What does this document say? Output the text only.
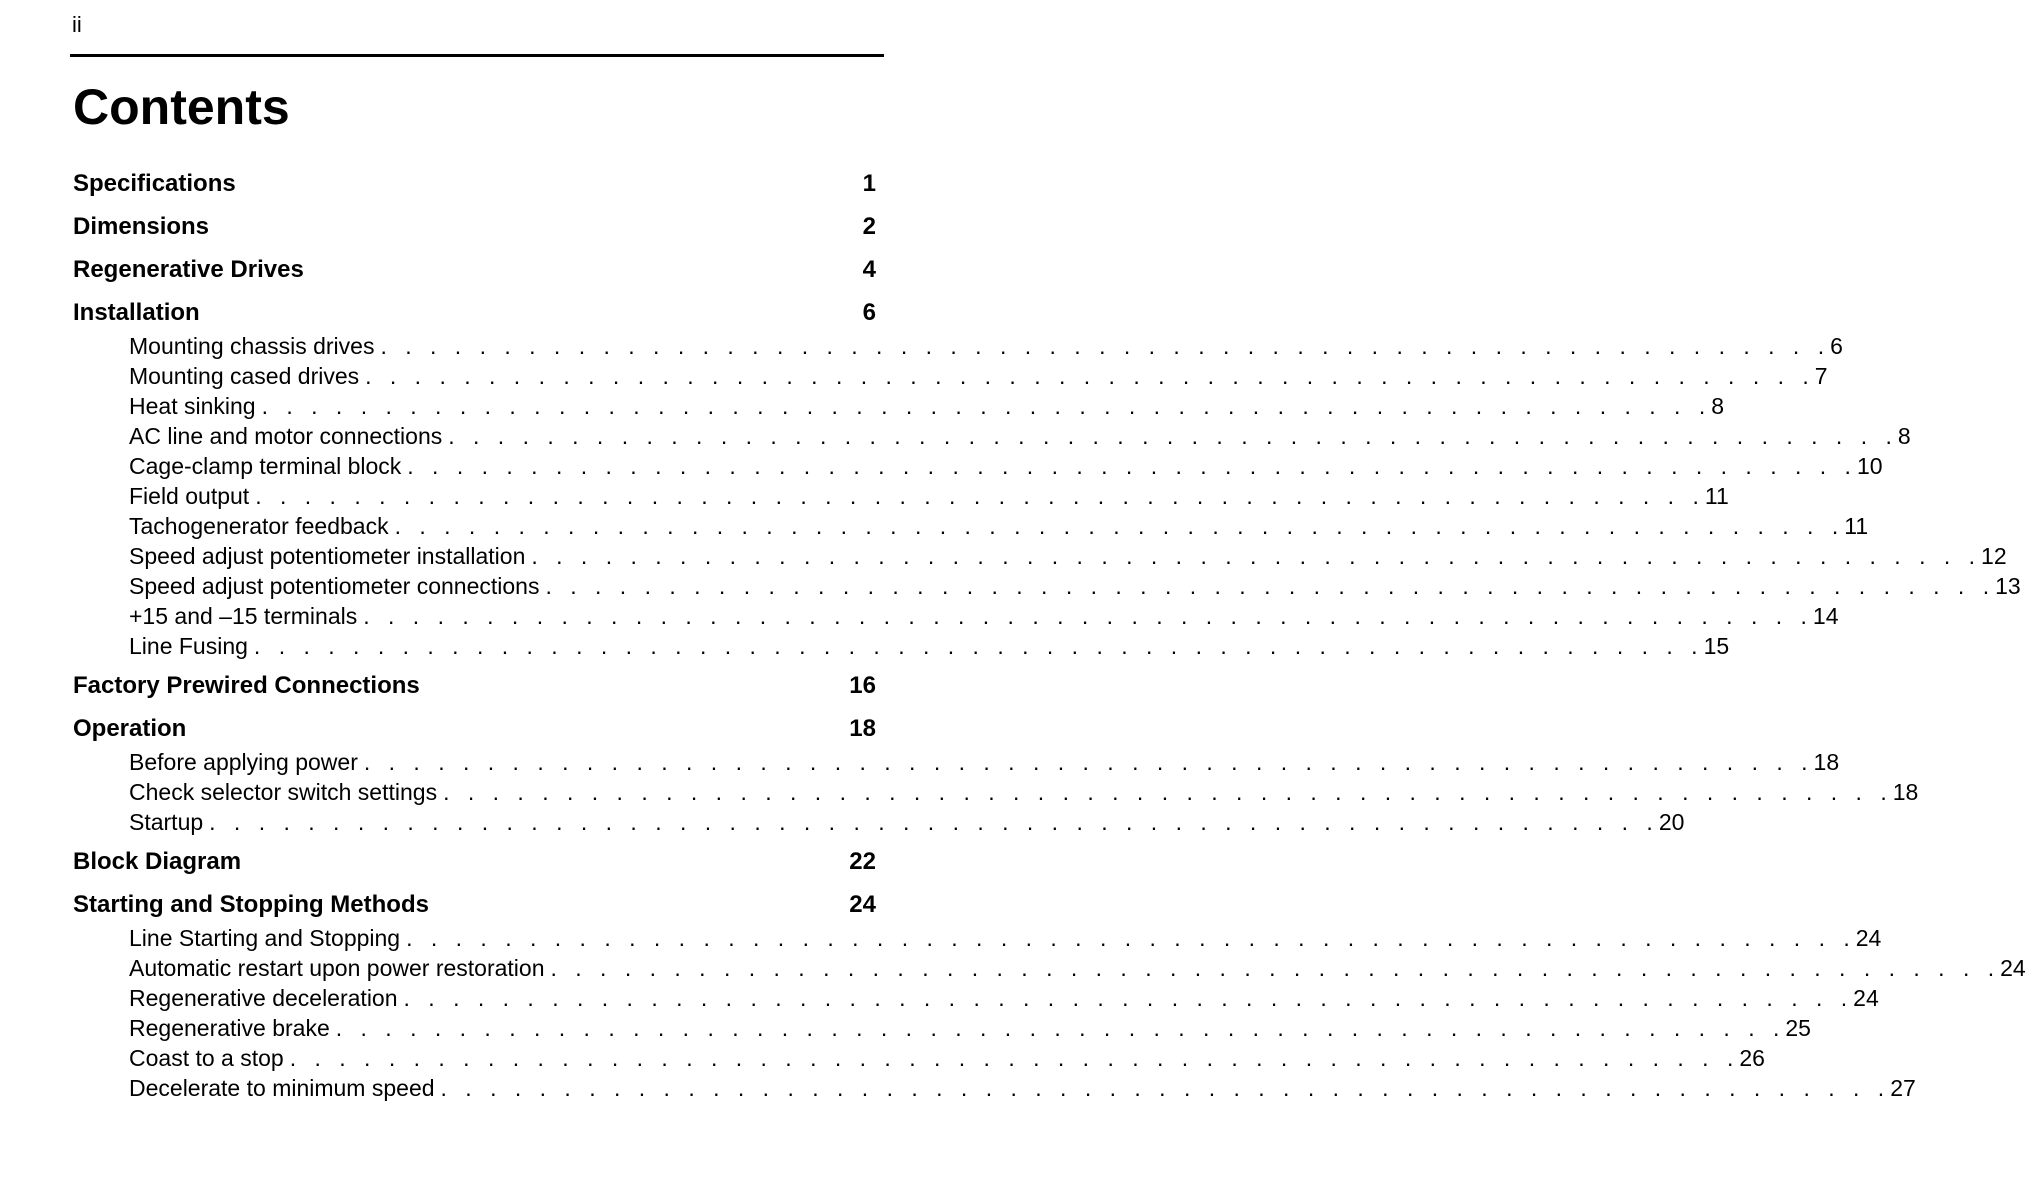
ii
Contents
Specifications	1
Dimensions	2
Regenerative Drives	4
Installation	6
Mounting chassis drives . . . . . . . . . . . . . . . . . . . . . . . . . . . . . . . . . . . . . . . . . . . . . . . . . . . . . . . . . . . 6
Mounting cased drives . . . . . . . . . . . . . . . . . . . . . . . . . . . . . . . . . . . . . . . . . . . . . . . . . . . . . . . . . . . 7
Heat sinking . . . . . . . . . . . . . . . . . . . . . . . . . . . . . . . . . . . . . . . . . . . . . . . . . . . . . . . . . . . 8
AC line and motor connections . . . . . . . . . . . . . . . . . . . . . . . . . . . . . . . . . . . . . . . . . . . . . . . . . . . . . . . . . . . 8
Cage-clamp terminal block . . . . . . . . . . . . . . . . . . . . . . . . . . . . . . . . . . . . . . . . . . . . . . . . . . . . . . . . . . . 10
Field output . . . . . . . . . . . . . . . . . . . . . . . . . . . . . . . . . . . . . . . . . . . . . . . . . . . . . . . . . . . 11
Tachogenerator feedback . . . . . . . . . . . . . . . . . . . . . . . . . . . . . . . . . . . . . . . . . . . . . . . . . . . . . . . . . . . 11
Speed adjust potentiometer installation . . . . . . . . . . . . . . . . . . . . . . . . . . . . . . . . . . . . . . . . . . . . . . . . . . . . . . . . . . . 12
Speed adjust potentiometer connections . . . . . . . . . . . . . . . . . . . . . . . . . . . . . . . . . . . . . . . . . . . . . . . . . . . . . . . . . . . 13
+15 and –15 terminals . . . . . . . . . . . . . . . . . . . . . . . . . . . . . . . . . . . . . . . . . . . . . . . . . . . . . . . . . . . 14
Line Fusing . . . . . . . . . . . . . . . . . . . . . . . . . . . . . . . . . . . . . . . . . . . . . . . . . . . . . . . . . . . 15
Factory Prewired Connections	16
Operation	18
Before applying power . . . . . . . . . . . . . . . . . . . . . . . . . . . . . . . . . . . . . . . . . . . . . . . . . . . . . . . . . . . 18
Check selector switch settings . . . . . . . . . . . . . . . . . . . . . . . . . . . . . . . . . . . . . . . . . . . . . . . . . . . . . . . . . . . 18
Startup . . . . . . . . . . . . . . . . . . . . . . . . . . . . . . . . . . . . . . . . . . . . . . . . . . . . . . . . . . . 20
Block Diagram	22
Starting and Stopping Methods	24
Line Starting and Stopping . . . . . . . . . . . . . . . . . . . . . . . . . . . . . . . . . . . . . . . . . . . . . . . . . . . . . . . . . . . 24
Automatic restart upon power restoration . . . . . . . . . . . . . . . . . . . . . . . . . . . . . . . . . . . . . . . . . . . . . . . . . . . . . . . . . . . 24
Regenerative deceleration . . . . . . . . . . . . . . . . . . . . . . . . . . . . . . . . . . . . . . . . . . . . . . . . . . . . . . . . . . . 24
Regenerative brake . . . . . . . . . . . . . . . . . . . . . . . . . . . . . . . . . . . . . . . . . . . . . . . . . . . . . . . . . . . 25
Coast to a stop . . . . . . . . . . . . . . . . . . . . . . . . . . . . . . . . . . . . . . . . . . . . . . . . . . . . . . . . . . . 26
Decelerate to minimum speed . . . . . . . . . . . . . . . . . . . . . . . . . . . . . . . . . . . . . . . . . . . . . . . . . . . . . . . . . . . 27
